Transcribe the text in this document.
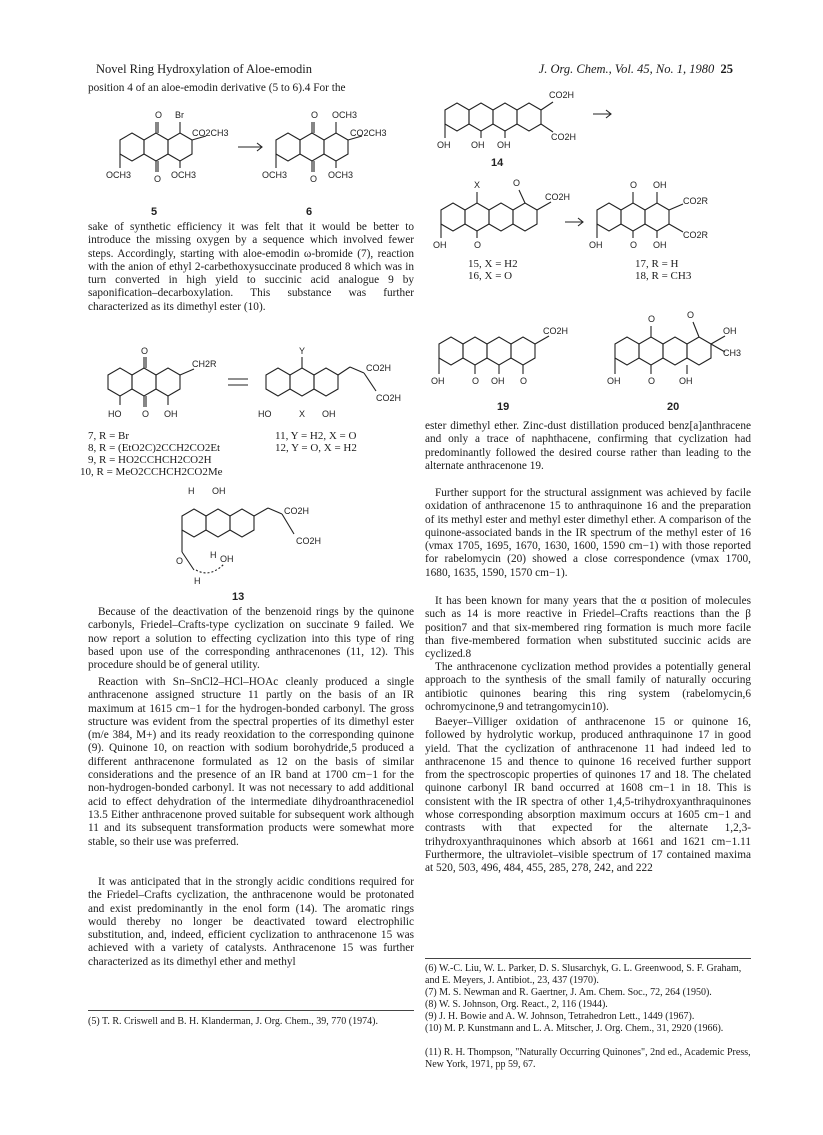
Novel Ring Hydroxylation of Aloe-emodin	J. Org. Chem., Vol. 45, No. 1, 1980 25

position 4 of an aloe-emodin derivative (5 to 6).4 For the

O Br
CO2CH3
OCH3	O OCH3
O OCH3
CO2CH3
OCH3	O OCH3
5	6

sake of synthetic efficiency it was felt that it would be better to introduce the missing oxygen by a sequence which involved fewer steps. Accordingly, starting with aloe-emodin ω-bromide (7), reaction with the anion of ethyl 2-carbethoxysuccinate produced 8 which was in turn converted in high yield to succinic acid analogue 9 by saponification–decarboxylation. This substance was further characterized as its dimethyl ester (10).

O
CH2R
HO O OH
Y
CO2H
CO2H
HO	X OH
7, R = Br
8, R = (EtO2C)2CCH2CO2Et
9, R = HO2CCHCH2CO2H
10, R = MeO2CCHCH2CO2Me
11, Y = H2, X = O
12, Y = O, X = H2
H OH
CO2H
CO2H
O
H OH
H
13

Because of the deactivation of the benzenoid rings by the quinone carbonyls, Friedel–Crafts-type cyclization on succinate 9 failed. We now report a solution to effecting cyclization into this type of ring based upon use of the corresponding anthracenones (11, 12). This procedure should be of general utility.

Reaction with Sn–SnCl2–HCl–HOAc cleanly produced a single anthracenone assigned structure 11 partly on the basis of an IR maximum at 1615 cm−1 for the hydrogen-bonded carbonyl. The gross structure was evident from the spectral properties of its dimethyl ester (m/e 384, M+) and its ready reoxidation to the corresponding quinone (9). Quinone 10, on reaction with sodium borohydride,5 produced a different anthracenone formulated as 12 on the basis of similar considerations and the presence of an IR band at 1700 cm−1 for the non-hydrogen-bonded carbonyl. It was not necessary to add additional acid to effect dehydration of the intermediate dihydroanthracenediol 13.5 Either anthracenone proved suitable for subsequent work although 11 and its subsequent transformation products were somewhat more stable, so their use was preferred.

It was anticipated that in the strongly acidic conditions required for the Friedel–Crafts cyclization, the anthracenone would be protonated and exist predominantly in the enol form (14). The aromatic rings would thereby no longer be deactivated toward electrophilic substitution, and, indeed, efficient cyclization to anthracenone 15 was achieved with a variety of catalysts. Anthracenone 15 was further characterized as its dimethyl ether and methyl

(5) T. R. Criswell and B. H. Klanderman, J. Org. Chem., 39, 770 (1974).
CO2H
CO2H
OH OH OH
14
O
CO2H
X
OH	O
O OH
CO2R
CO2R
OH	O OH
15, X = H2
16, X = O
17, R = H
18, R = CH3
CO2H
OH	O OH O
O	O
OH
CH3
OH	O	OH
19	20

ester dimethyl ether. Zinc-dust distillation produced benz[a]anthracene and only a trace of naphthacene, confirming that cyclization had predominantly followed the desired course rather than leading to the alternate anthracenone 19.

Further support for the structural assignment was achieved by facile oxidation of anthracenone 15 to anthraquinone 16 and the preparation of its methyl ester and methyl ester dimethyl ether. A comparison of the quinone-associated bands in the IR spectrum of the methyl ester of 16 (νmax 1705, 1695, 1670, 1630, 1600, 1590 cm−1) with those reported for rabelomycin (20) showed a close correspondence (νmax 1700, 1680, 1635, 1590, 1570 cm−1).

It has been known for many years that the α position of molecules such as 14 is more reactive in Friedel–Crafts reactions than the β position7 and that six-membered ring formation is much more facile than five-membered formation when substituted succinic acids are cyclized.8

The anthracenone cyclization method provides a potentially general approach to the synthesis of the small family of naturally occuring antibiotic quinones bearing this ring system (rabelomycin,6 ochromycinone,9 and tetrangomycin10).

Baeyer–Villiger oxidation of anthracenone 15 or quinone 16, followed by hydrolytic workup, produced anthraquinone 17 in good yield. That the cyclization of anthracenone 11 had indeed led to anthracenone 15 and thence to quinone 16 received further support from the spectroscopic properties of quinones 17 and 18. The chelated quinone carbonyl IR band occurred at 1608 cm−1 in 18. This is consistent with the IR spectra of other 1,4,5-trihydroxyanthraquinones whose corresponding absorption maximum occurs at 1605 cm−1 and contrasts with that expected for the alternate 1,2,3-trihydroxyanthraquinones which absorb at 1661 and 1621 cm−1.11 Furthermore, the ultraviolet–visible spectrum of 17 contained maxima at 520, 503, 496, 484, 455, 285, 278, 242, and 222

(6) W.-C. Liu, W. L. Parker, D. S. Slusarchyk, G. L. Greenwood, S. F. Graham, and E. Meyers, J. Antibiot., 23, 437 (1970).
(7) M. S. Newman and R. Gaertner, J. Am. Chem. Soc., 72, 264 (1950).
(8) W. S. Johnson, Org. React., 2, 116 (1944).
(9) J. H. Bowie and A. W. Johnson, Tetrahedron Lett., 1449 (1967).
(10) M. P. Kunstmann and L. A. Mitscher, J. Org. Chem., 31, 2920 (1966).
(11) R. H. Thompson, "Naturally Occurring Quinones", 2nd ed., Academic Press, New York, 1971, pp 59, 67.
